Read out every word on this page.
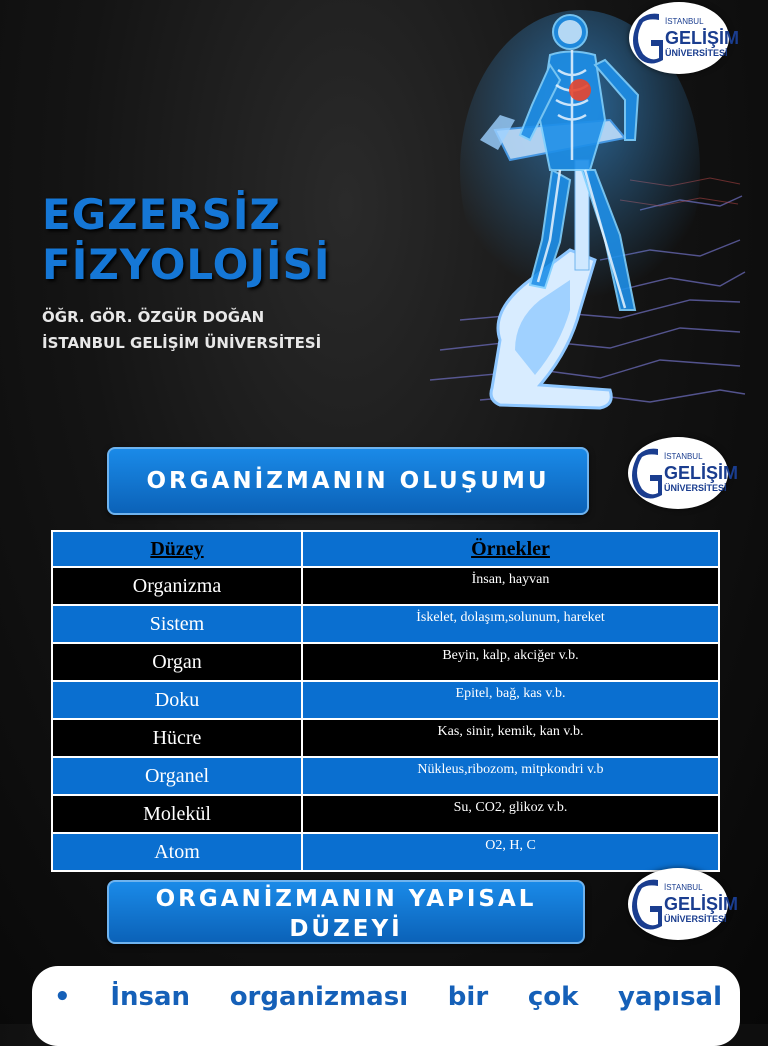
EGZERSİZ
FİZYOLOJİSİ
ÖĞR. GÖR. ÖZGÜR DOĞAN
İSTANBUL GELİŞİM ÜNİVERSİTESİ
İSTANBUL
GELİŞİM
ÜNİVERSİTESİ
ORGANİZMANIN OLUŞUMU
İSTANBUL
GELİŞİM
ÜNİVERSİTESİ
Düzey	Örnekler
Organizma	İnsan, hayvan
Sistem	İskelet, dolaşım,solunum, hareket
Organ	Beyin, kalp, akciğer v.b.
Doku	Epitel, bağ, kas v.b.
Hücre	Kas, sinir, kemik, kan v.b.
Organel	Nükleus,ribozom, mitpkondri v.b
Molekül	Su, CO2, glikoz v.b.
Atom	O2, H, C
ORGANİZMANIN YAPISAL
DÜZEYİ
İSTANBUL
GELİŞİM
ÜNİVERSİTESİ
• İnsan organizması bir çok yapısal
